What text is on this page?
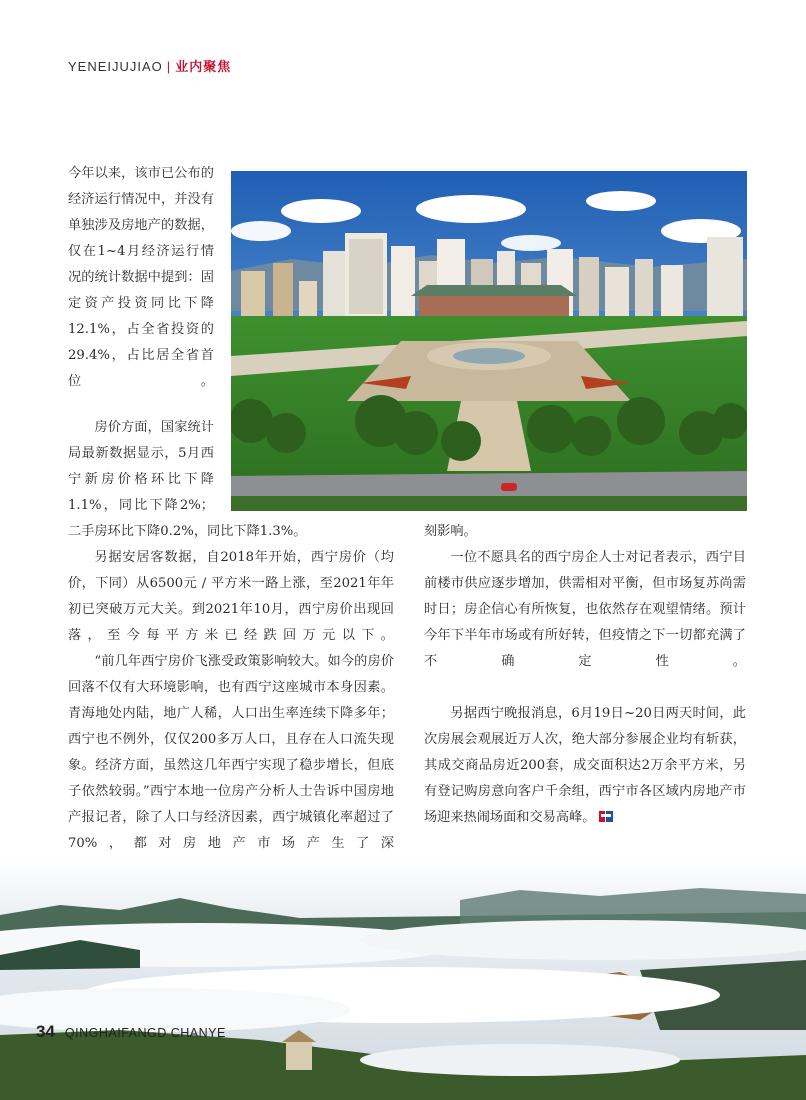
YENEIJUJIAO | 业内聚焦

今年以来，该市已公布的经济运行情况中，并没有单独涉及房地产的数据，仅在1~4月经济运行情况的统计数据中提到：固定资产投资同比下降12.1%，占全省投资的29.4%，占比居全省首位。

房价方面，国家统计局最新数据显示，5月西宁新房价格环比下降1.1%，同比下降2%；

二手房环比下降0.2%，同比下降1.3%。

另据安居客数据，自2018年开始，西宁房价（均价，下同）从6500元 / 平方米一路上涨，至2021年年初已突破万元大关。到2021年10月，西宁房价出现回落，至今每平方米已经跌回万元以下。

“前几年西宁房价飞涨受政策影响较大。如今的房价回落不仅有大环境影响，也有西宁这座城市本身因素。青海地处内陆，地广人稀，人口出生率连续下降多年；西宁也不例外，仅仅200多万人口，且存在人口流失现象。经济方面，虽然这几年西宁实现了稳步增长，但底子依然较弱。”西宁本地一位房产分析人士告诉中国房地产报记者，除了人口与经济因素，西宁城镇化率超过了70%，都对房地产市场产生了深

刻影响。

一位不愿具名的西宁房企人士对记者表示，西宁目前楼市供应逐步增加，供需相对平衡，但市场复苏尚需时日；房企信心有所恢复，也依然存在观望情绪。预计今年下半年市场或有所好转，但疫情之下一切都充满了不确定性。

另据西宁晚报消息，6月19日~20日两天时间，此次房展会观展近万人次，绝大部分参展企业均有斩获，其成交商品房近200套，成交面积达2万余平方米，另有登记购房意向客户千余组，西宁市各区域内房地产市场迎来热闹场面和交易高峰。

34 QINGHAIFANGD CHANYE
